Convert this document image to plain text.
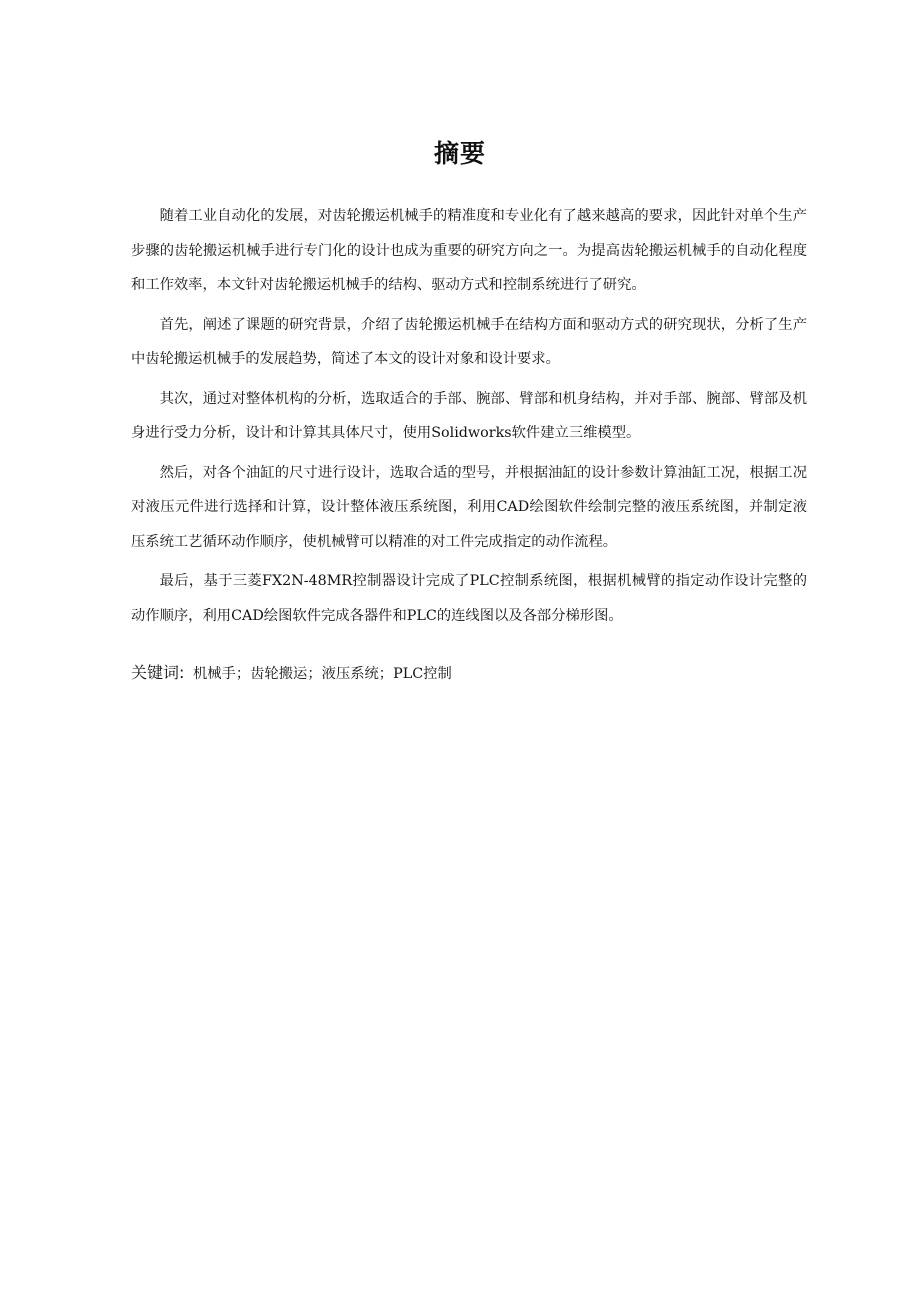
摘要

随着工业自动化的发展，对齿轮搬运机械手的精准度和专业化有了越来越高的要求，因此针对单个生产步骤的齿轮搬运机械手进行专门化的设计也成为重要的研究方向之一。为提高齿轮搬运机械手的自动化程度和工作效率，本文针对齿轮搬运机械手的结构、驱动方式和控制系统进行了研究。

首先，阐述了课题的研究背景，介绍了齿轮搬运机械手在结构方面和驱动方式的研究现状，分析了生产中齿轮搬运机械手的发展趋势，简述了本文的设计对象和设计要求。

其次，通过对整体机构的分析，选取适合的手部、腕部、臂部和机身结构，并对手部、腕部、臂部及机身进行受力分析，设计和计算其具体尺寸，使用Solidworks软件建立三维模型。

然后，对各个油缸的尺寸进行设计，选取合适的型号，并根据油缸的设计参数计算油缸工况，根据工况对液压元件进行选择和计算，设计整体液压系统图，利用CAD绘图软件绘制完整的液压系统图，并制定液压系统工艺循环动作顺序，使机械臂可以精准的对工件完成指定的动作流程。

最后，基于三菱FX2N-48MR控制器设计完成了PLC控制系统图，根据机械臂的指定动作设计完整的动作顺序，利用CAD绘图软件完成各器件和PLC的连线图以及各部分梯形图。

关键词: 机械手；齿轮搬运；液压系统；PLC控制
